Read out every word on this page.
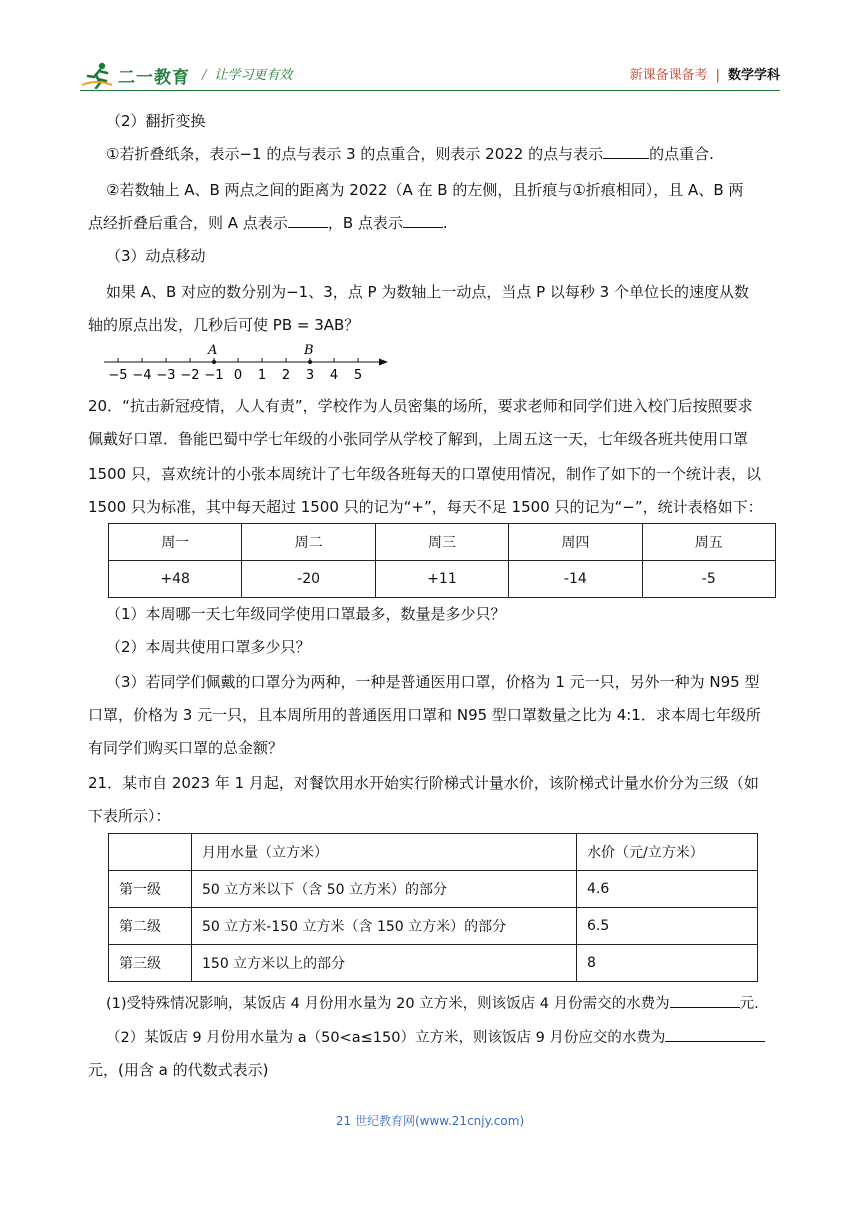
二一教育 / 让学习更有效	新课备课备考 | 数学学科
（2）翻折变换
①若折叠纸条，表示−1 的点与表示 3 的点重合，则表示 2022 的点与表示	的点重合.
②若数轴上 A、B 两点之间的距离为 2022（A 在 B 的左侧，且折痕与①折痕相同），且 A、B 两
点经折叠后重合，则 A 点表示	，B 点表示	.
（3）动点移动
如果 A、B 对应的数分别为−1、3，点 P 为数轴上一动点，当点 P 以每秒 3 个单位长的速度从数
轴的原点出发，几秒后可使 PB = 3AB？
−5 −4 −3 −2 −1 0 1 2 3 4 5
A	B
20．“抗击新冠疫情，人人有责”，学校作为人员密集的场所，要求老师和同学们进入校门后按照要求
佩戴好口罩．鲁能巴蜀中学七年级的小张同学从学校了解到，上周五这一天，七年级各班共使用口罩
1500 只，喜欢统计的小张本周统计了七年级各班每天的口罩使用情况，制作了如下的一个统计表，以
1500 只为标准，其中每天超过 1500 只的记为“+”，每天不足 1500 只的记为“−”，统计表格如下：
周一	周二	周三	周四	周五
+48	-20	+11	-14	-5
（1）本周哪一天七年级同学使用口罩最多，数量是多少只？
（2）本周共使用口罩多少只？
（3）若同学们佩戴的口罩分为两种，一种是普通医用口罩，价格为 1 元一只，另外一种为 N95 型
口罩，价格为 3 元一只，且本周所用的普通医用口罩和 N95 型口罩数量之比为 4:1．求本周七年级所
有同学们购买口罩的总金额？
21．某市自 2023 年 1 月起，对餐饮用水开始实行阶梯式计量水价，该阶梯式计量水价分为三级（如
下表所示）：
	月用水量（立方米）	水价（元/立方米）
第一级	50 立方米以下（含 50 立方米）的部分	4.6
第二级	50 立方米-150 立方米（含 150 立方米）的部分	6.5
第三级	150 立方米以上的部分	8
(1)受特殊情况影响，某饭店 4 月份用水量为 20 立方米，则该饭店 4 月份需交的水费为	元.
（2）某饭店 9 月份用水量为 a（50<a≤150）立方米，则该饭店 9 月份应交的水费为
元，(用含 a 的代数式表示)
21 世纪教育网(www.21cnjy.com)
